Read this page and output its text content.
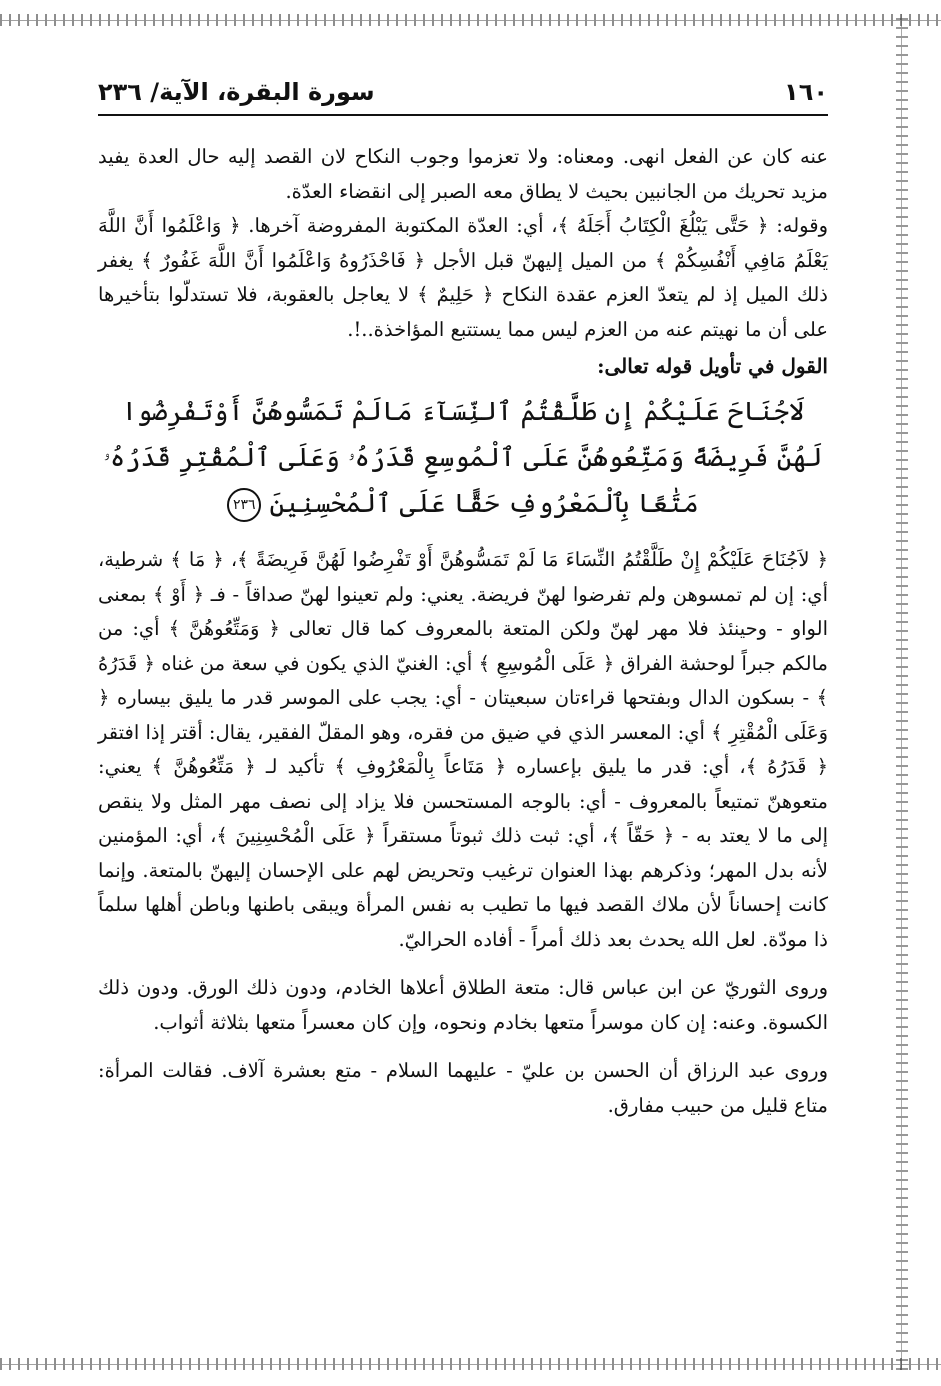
١٦٠
سورة البقرة، الآية/ ٢٣٦

عنه كان عن الفعل انهى. ومعناه: ولا تعزموا وجوب النكاح لان القصد إليه حال العدة يفيد مزيد تحريك من الجانبين بحيث لا يطاق معه الصبر إلى انقضاء العدّة.

وقوله: ﴿ حَتَّى يَبْلُغَ الْكِتَابُ أَجَلَهُ ﴾، أي: العدّة المكتوبة المفروضة آخرها. ﴿ وَاعْلَمُوا أَنَّ اللَّهَ يَعْلَمُ مَافِي أَنْفُسِكُمْ ﴾ من الميل إليهنّ قبل الأجل ﴿ فَاحْذَرُوهُ وَاعْلَمُوا أَنَّ اللَّهَ غَفُورٌ ﴾ يغفر ذلك الميل إذ لم يتعدّ العزم عقدة النكاح ﴿ حَلِيمٌ ﴾ لا يعاجل بالعقوبة، فلا تستدلّوا بتأخيرها على أن ما نهيتم عنه من العزم ليس مما يستتبع المؤاخذة..!.

القول في تأويل قوله تعالى:

لَاجُنَاحَ عَلَيْكُمْ إِن طَلَّقْتُمُ ٱلنِّسَآءَ مَالَمْ تَمَسُّوهُنَّ أَوْتَفْرِضُوا لَهُنَّ فَرِيضَةً وَمَتِّعُوهُنَّ عَلَى ٱلْمُوسِعِ قَدَرُهُۥ وَعَلَى ٱلْمُقْتِرِ قَدَرُهُۥ مَتَٰعًا بِٱلْمَعْرُوفِ حَقًّا عَلَى ٱلْمُحْسِنِينَ ٢٣٦

﴿ لاَجُنَاحَ عَلَيْكُمْ إِنْ طَلَّقْتُمُ النِّسَاءَ مَا لَمْ تَمَسُّوهُنَّ أَوْ تَفْرِضُوا لَهُنَّ فَرِيضَةً ﴾، ﴿ مَا ﴾ شرطية، أي: إن لم تمسوهن ولم تفرضوا لهنّ فريضة. يعني: ولم تعينوا لهنّ صداقاً - فـ ﴿ أَوْ ﴾ بمعنى الواو - وحينئذ فلا مهر لهنّ ولكن المتعة بالمعروف كما قال تعالى ﴿ وَمَتِّعُوهُنَّ ﴾ أي: من مالكم جبراً لوحشة الفراق ﴿ عَلَى الْمُوسِعِ ﴾ أي: الغنيّ الذي يكون في سعة من غناه ﴿ قَدَرُهُ ﴾ - بسكون الدال وبفتحها قراءتان سبعيتان - أي: يجب على الموسر قدر ما يليق بيساره ﴿ وَعَلَى الْمُقْتِرِ ﴾ أي: المعسر الذي في ضيق من فقره، وهو المقلّ الفقير، يقال: أقتر إذا افتقر ﴿ قَدَرُهُ ﴾، أي: قدر ما يليق بإعساره ﴿ مَتَاعاً بِالْمَعْرُوفِ ﴾ تأكيد لـ ﴿ مَتِّعُوهُنَّ ﴾ يعني: متعوهنّ تمتيعاً بالمعروف - أي: بالوجه المستحسن فلا يزاد إلى نصف مهر المثل ولا ينقص إلى ما لا يعتد به - ﴿ حَقّاً ﴾، أي: ثبت ذلك ثبوتاً مستقراً ﴿ عَلَى الْمُحْسِنِينَ ﴾، أي: المؤمنين لأنه بدل المهر؛ وذكرهم بهذا العنوان ترغيب وتحريض لهم على الإحسان إليهنّ بالمتعة. وإنما كانت إحساناً لأن ملاك القصد فيها ما تطيب به نفس المرأة ويبقى باطنها وباطن أهلها سلماً ذا مودّة. لعل الله يحدث بعد ذلك أمراً - أفاده الحراليّ.

وروى الثوريّ عن ابن عباس قال: متعة الطلاق أعلاها الخادم، ودون ذلك الورق. ودون ذلك الكسوة. وعنه: إن كان موسراً متعها بخادم ونحوه، وإن كان معسراً متعها بثلاثة أثواب.

وروى عبد الرزاق أن الحسن بن عليّ - عليهما السلام - متع بعشرة آلاف. فقالت المرأة: متاع قليل من حبيب مفارق.
